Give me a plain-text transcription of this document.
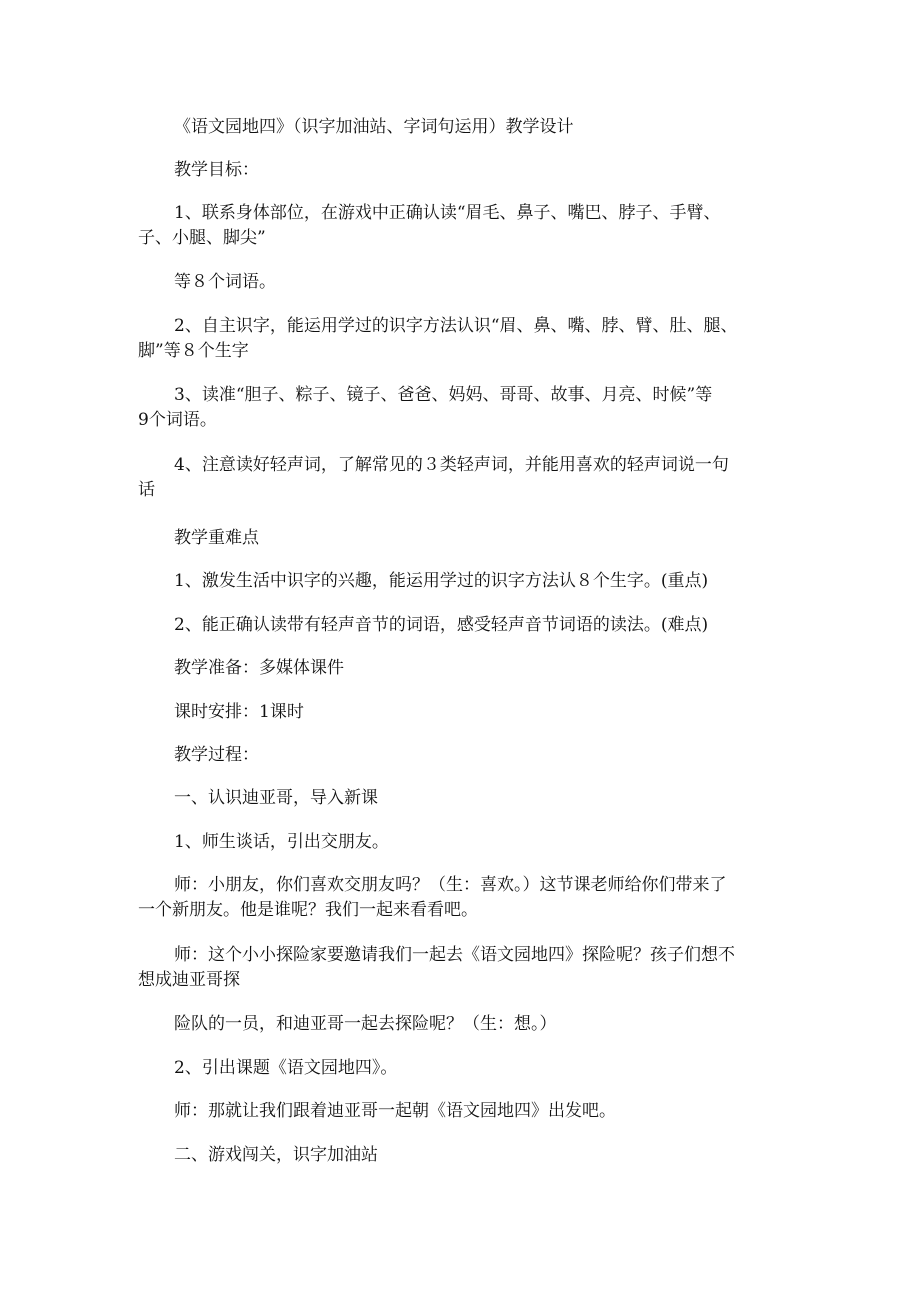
《语文园地四》（识字加油站、字词句运用）教学设计

教学目标：

1、联系身体部位，在游戏中正确认读“眉毛、鼻子、嘴巴、脖子、手臂、
子、小腿、脚尖”

等８个词语。

2、自主识字，能运用学过的识字方法认识“眉、鼻、嘴、脖、臂、肚、腿、
脚”等８个生字

3、读准“胆子、粽子、镜子、爸爸、妈妈、哥哥、故事、月亮、时候”等
9个词语。

4、注意读好轻声词，了解常见的３类轻声词，并能用喜欢的轻声词说一句
话

教学重难点

1、激发生活中识字的兴趣，能运用学过的识字方法认８个生字。(重点)

2、能正确认读带有轻声音节的词语，感受轻声音节词语的读法。(难点)

教学准备：多媒体课件

课时安排：1课时

教学过程：

一、认识迪亚哥，导入新课

1、师生谈话，引出交朋友。

师：小朋友，你们喜欢交朋友吗？（生：喜欢。）这节课老师给你们带来了
一个新朋友。他是谁呢？我们一起来看看吧。

师：这个小小探险家要邀请我们一起去《语文园地四》探险呢？孩子们想不
想成迪亚哥探

险队的一员，和迪亚哥一起去探险呢？（生：想。）

2、引出课题《语文园地四》。

师：那就让我们跟着迪亚哥一起朝《语文园地四》出发吧。

二、游戏闯关，识字加油站
